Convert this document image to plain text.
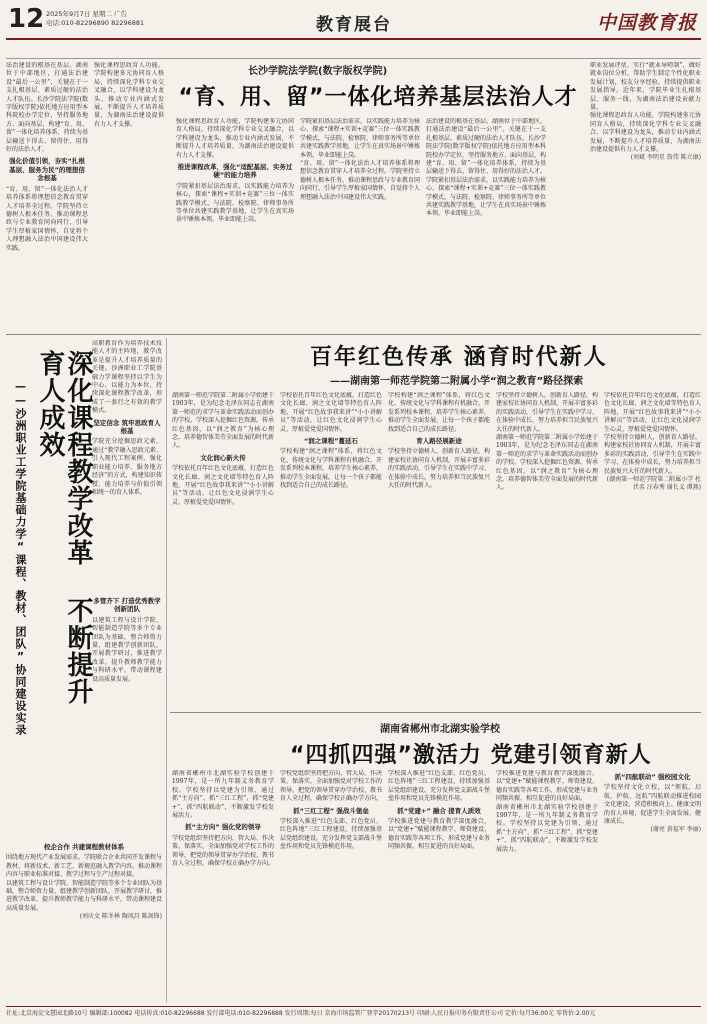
12 2025年9月7日 星期二 广告
电话:010-82296890 82296881	教育展台	中国教育报
长沙学院法学院(数字版权学院)
“育、用、留”一体化培养基层法治人才
法治建设的根基在基层。湖南位于中部地区，打通法治建设“最后一公里”，关键在于一支扎根基层、素质过硬的法治人才队伍。长沙学院法学院(数字版权学院)依托地方应用型本科院校办学定位，坚持服务地方、面向基层，构建“育、用、留”一体化培养体系，持续为基层输送下得去、留得住、用得好的法治人才。
强化价值引领，夯实“扎根基层、服务为民”的理想信念根基
“育、用、留”一体化法治人才培养体系将理想信念教育贯穿人才培养全过程。学院坚持立德树人根本任务，推动课程思政与专业教育同向同行，引导学生厚植家国情怀，自觉将个人理想融入法治中国建设伟大实践。
强化课程思政育人功能，学院构建多元协同育人格局，持续深化学科专业交叉融合，以学科建设为龙头，推动专业内涵式发展，不断提升人才培养质量，为湖南法治建设提供有力人才支撑。	强化课程思政育人功能，学院构建多元协同育人格局，持续深化学科专业交叉融合，以学科建设为龙头，推动专业内涵式发展，不断提升人才培养质量，为湖南法治建设提供有力人才支撑。
推进课程改革，强化“适配基层、实务过硬”的能力培养
学院紧扣基层法治需求，以实践能力培养为核心，探索“课程+实训+竞赛”三位一体实践教学模式，与法院、检察院、律师事务所等单位共建实践教学基地，让学生在真实场景中锤炼本领，毕业即能上岗。
学院紧扣基层法治需求，以实践能力培养为核心，探索“课程+实训+竞赛”三位一体实践教学模式，与法院、检察院、律师事务所等单位共建实践教学基地，让学生在真实场景中锤炼本领，毕业即能上岗。
“育、用、留”一体化法治人才培养体系将理想信念教育贯穿人才培养全过程。学院坚持立德树人根本任务，推动课程思政与专业教育同向同行，引导学生厚植家国情怀，自觉将个人理想融入法治中国建设伟大实践。
法治建设的根基在基层。湖南位于中部地区，打通法治建设“最后一公里”，关键在于一支扎根基层、素质过硬的法治人才队伍。长沙学院法学院(数字版权学院)依托地方应用型本科院校办学定位，坚持服务地方、面向基层，构建“育、用、留”一体化培养体系，持续为基层输送下得去、留得住、用得好的法治人才。
学院紧扣基层法治需求，以实践能力培养为核心，探索“课程+实训+竞赛”三位一体实践教学模式，与法院、检察院、律师事务所等单位共建实践教学基地，让学生在真实场景中锤炼本领，毕业即能上岗。
职业发展评估，实行“就业导师制”，做好就业岗位分析，帮助学生制定个性化职业发展计划，校友分享经验，持续提供职业发展指导。近年来，学院毕业生扎根基层、服务一线，为湖南法治建设贡献力量。
强化课程思政育人功能，学院构建多元协同育人格局，持续深化学科专业交叉融合，以学科建设为龙头，推动专业内涵式发展，不断提升人才培养质量，为湖南法治建设提供有力人才支撑。
(刘斌 李明星 詹伟 陈立康)
——沙洲职业工学院基础力学“课程、教材、团队”协同建设实录	深化课程教学改革 不断提升育人成效
高职教育作为培养技术技能人才的主阵地，教学改革是提升人才培养质量的关键。沙洲职业工学院基础力学课程坚持以学生为中心，以能力为本位，持续深化课程教学改革，形成了一套行之有效的教学模式。
坚定信念 筑牢思政育人根基
学院充分挖掘思政元素，通过“教学融入思政元素、引入现代工程案例、强化职业能力培养、服务地方经济”的方式，构建知识传授、能力培养与价值引领相统一的育人体系。
多管齐下 打造优秀教学创新团队
以建筑工程与设计学院、智能制造学院等多个专业团队为基础，整合师资力量，组建教学创新团队，开展教学研讨，推进教学改革，提升教师教学能力与科研水平，带动课程建设高质量发展。
校企合作 共建课程教材体系
围绕地方现代产业发展需求，学院联合企业共同开发课程与教材，将新技术、新工艺、新规范融入教学内容，推动课程内容与职业标准对接、教学过程与生产过程对接。
以建筑工程与设计学院、智能制造学院等多个专业团队为基础，整合师资力量，组建教学创新团队，开展教学研讨，推进教学改革，提升教师教学能力与科研水平，带动课程建设高质量发展。
(刘庆文 陈冬林 陶凤昌 陈剑锋)
百年红色传承 涵育时代新人
——湖南第一师范学院第二附属小学“润之教育”路径探索
湖南第一师范学院第二附属小学始建于1903年，是为纪念毛泽东同志在湖南第一师范的求学与革命实践活动而创办的学校。学校深入挖掘红色资源，传承红色基因，以“润之教育”为核心理念，培养德智体美劳全面发展的时代新人。
文化润心新火传
学校依托百年红色文化底蕴，打造红色文化长廊、润之文化墙等特色育人阵地，开展“红色故事我来讲”“小小讲解员”等活动，让红色文化浸润学生心灵，厚植爱党爱国情怀。
学校依托百年红色文化底蕴，打造红色文化长廊、润之文化墙等特色育人阵地，开展“红色故事我来讲”“小小讲解员”等活动，让红色文化浸润学生心灵，厚植爱党爱国情怀。
“润之课程”蔓延石
学校构建“润之课程”体系，将红色文化、传统文化与学科课程有机融合，开发系列校本课程，培养学生核心素养，推动学生全面发展，让每一个孩子都能找到适合自己的成长路径。
学校构建“润之课程”体系，将红色文化、传统文化与学科课程有机融合，开发系列校本课程，培养学生核心素养，推动学生全面发展，让每一个孩子都能找到适合自己的成长路径。
育人路径展新途
学校坚持立德树人，创新育人路径，构建家校社协同育人机制，开展丰富多彩的实践活动，引导学生在实践中学习、在体验中成长，努力培养担当民族复兴大任的时代新人。
学校坚持立德树人，创新育人路径，构建家校社协同育人机制，开展丰富多彩的实践活动，引导学生在实践中学习、在体验中成长，努力培养担当民族复兴大任的时代新人。
湖南第一师范学院第二附属小学始建于1903年，是为纪念毛泽东同志在湖南第一师范的求学与革命实践活动而创办的学校。学校深入挖掘红色资源，传承红色基因，以“润之教育”为核心理念，培养德智体美劳全面发展的时代新人。
学校依托百年红色文化底蕴，打造红色文化长廊、润之文化墙等特色育人阵地，开展“红色故事我来讲”“小小讲解员”等活动，让红色文化浸润学生心灵，厚植爱党爱国情怀。
学校坚持立德树人，创新育人路径，构建家校社协同育人机制，开展丰富多彩的实践活动，引导学生在实践中学习、在体验中成长，努力培养担当民族复兴大任的时代新人。
(湖南第一师范学院第二附属小学 杜伏名 汪春秀 谢长义 谭燕)
湖南省郴州市北湖实验学校
“四抓四强”激活力 党建引领育新人
湖南省郴州市北湖实验学校创建于1997年，是一所九年制义务教育学校。学校坚持以党建为引领，通过抓“主方向”、抓“三红工程”、抓“党建+”、抓“四航联动”，不断激发学校发展活力。
抓“主方向” 强化党的领导
学校党组织坚持把方向、管大局、作决策、保落实，全面加强党对学校工作的领导，把党的领导贯穿办学治校、教书育人全过程，确保学校正确办学方向。
学校党组织坚持把方向、管大局、作决策、保落实，全面加强党对学校工作的领导，把党的领导贯穿办学治校、教书育人全过程，确保学校正确办学方向。
抓“三红工程” 强战斗堡垒
学校深入推进“红色支部、红色党员、红色阵地”三红工程建设，持续加强基层党组织建设，充分发挥党支部战斗堡垒作用和党员先锋模范作用。
学校深入推进“红色支部、红色党员、红色阵地”三红工程建设，持续加强基层党组织建设，充分发挥党支部战斗堡垒作用和党员先锋模范作用。
抓“党建+” 融合 提育人质效
学校推进党建与教育教学深度融合，以“党建+”赋能课程教学、师资建设、德育实践等各项工作，形成党建与业务同频共振、相互促进的良好局面。
学校推进党建与教育教学深度融合，以“党建+”赋能课程教学、师资建设、德育实践等各项工作，形成党建与业务同频共振、相互促进的良好局面。
湖南省郴州市北湖实验学校创建于1997年，是一所九年制义务教育学校。学校坚持以党建为引领，通过抓“主方向”、抓“三红工程”、抓“党建+”、抓“四航联动”，不断激发学校发展活力。
抓“四航联动” 强校园文化
学校坚持文化立校，以“领航、启航、护航、远航”四航联动推进校园文化建设，营造积极向上、健康文明的育人环境，促进学生全面发展、健康成长。
(谢亮 黄福军 李丽)
社址:北京海淀文慧园北路10号 编辑部:100082 电话传真:010-82296688 发行部电话:010-82296888 发行周期:每日 京海市场监管广登字20170213号 印刷:人民日报印务有限责任公司 定价:每月36.00元 零售价:2.00元
